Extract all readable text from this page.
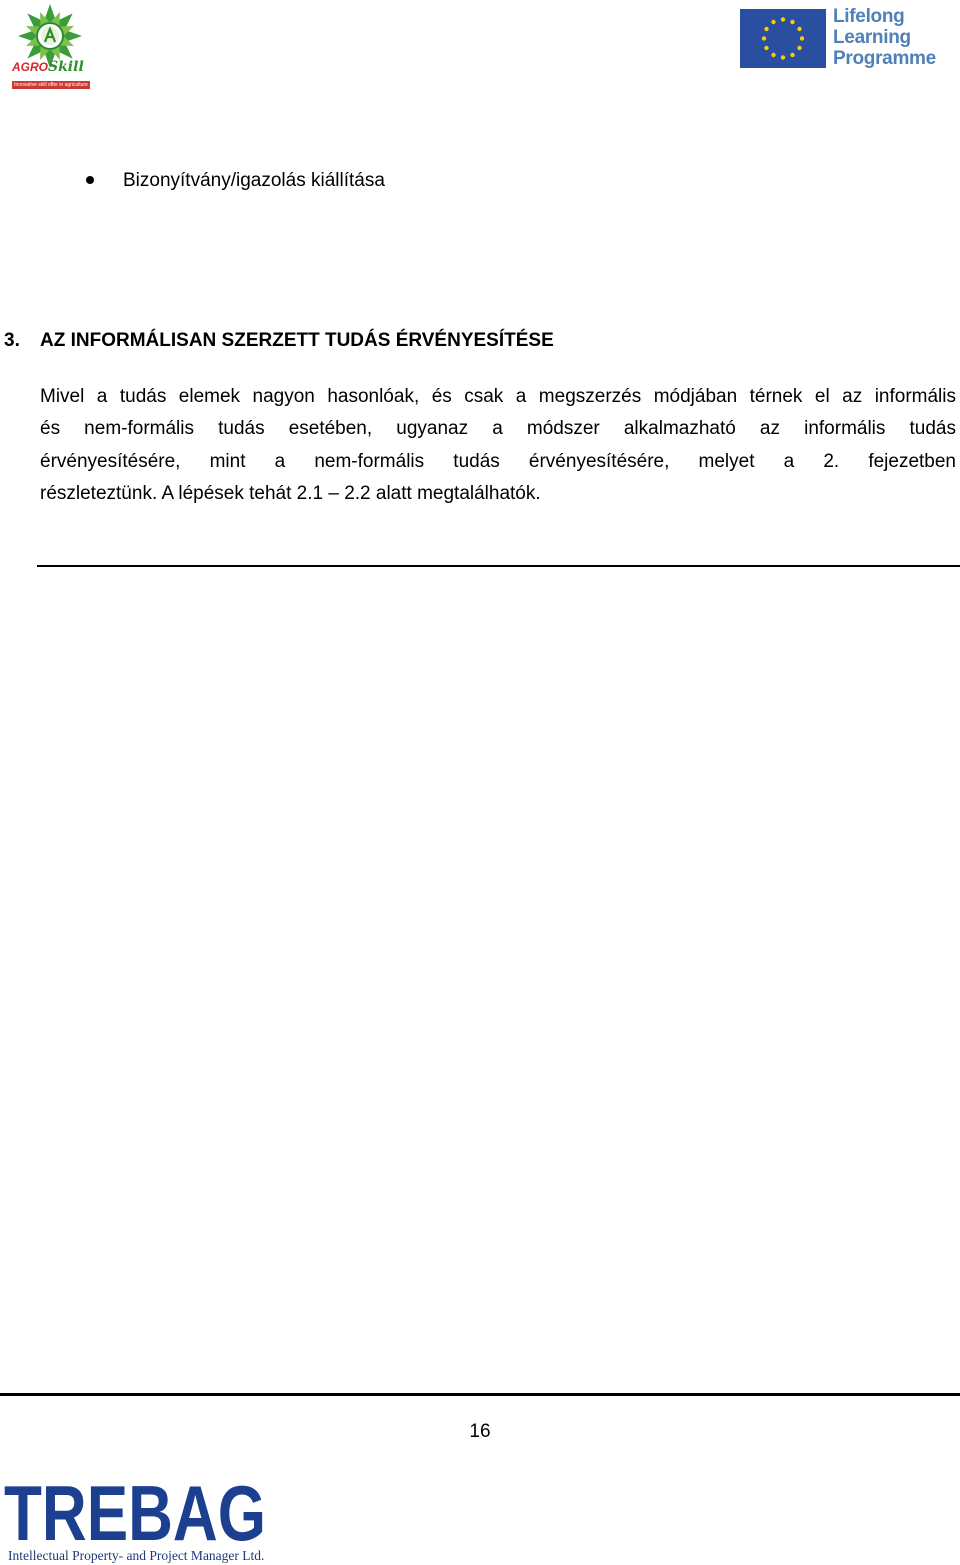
AGROSkill
Innovative skill offer in agriculture
Lifelong
Learning
Programme
Bizonyítvány/igazolás kiállítása
3. AZ INFORMÁLISAN SZERZETT TUDÁS ÉRVÉNYESÍTÉSE
Mivel a tudás elemek nagyon hasonlóak, és csak a megszerzés módjában térnek el az informális
és nem-formális tudás esetében, ugyanaz a módszer alkalmazható az informális tudás
érvényesítésére, mint a nem-formális tudás érvényesítésére, melyet a 2. fejezetben
részleteztünk. A lépések tehát 2.1 – 2.2 alatt megtalálhatók.
16
TREBAG
Intellectual Property- and Project Manager Ltd.
